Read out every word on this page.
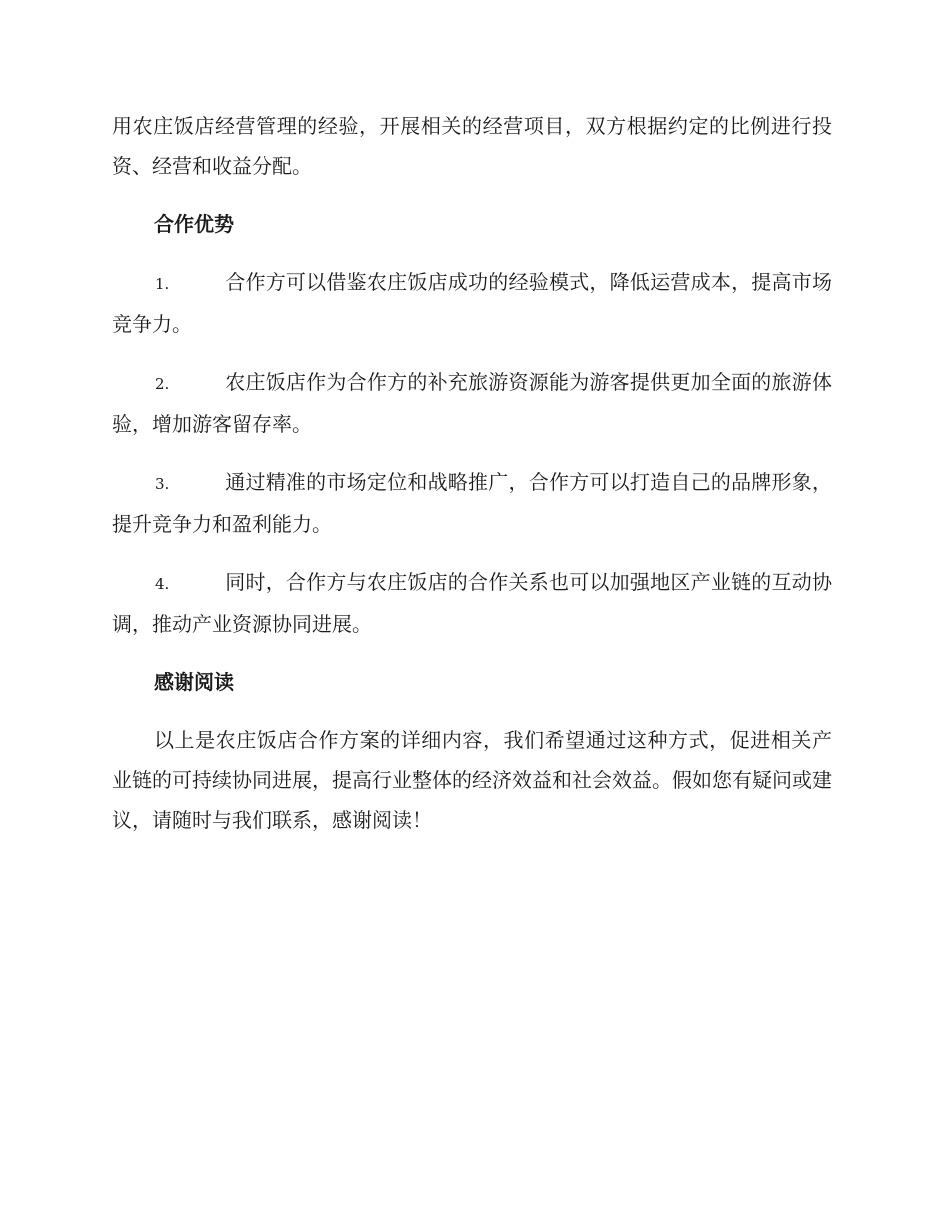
用农庄饭店经营管理的经验，开展相关的经营项目，双方根据约定的比例进行投资、经营和收益分配。

合作优势
1.	合作方可以借鉴农庄饭店成功的经验模式，降低运营成本，提高市场竞争力。
2.	农庄饭店作为合作方的补充旅游资源能为游客提供更加全面的旅游体验，增加游客留存率。
3.	通过精准的市场定位和战略推广，合作方可以打造自己的品牌形象，提升竞争力和盈利能力。
4.	同时，合作方与农庄饭店的合作关系也可以加强地区产业链的互动协调，推动产业资源协同进展。
感谢阅读

以上是农庄饭店合作方案的详细内容，我们希望通过这种方式，促进相关产业链的可持续协同进展，提高行业整体的经济效益和社会效益。假如您有疑问或建议，请随时与我们联系，感谢阅读！
